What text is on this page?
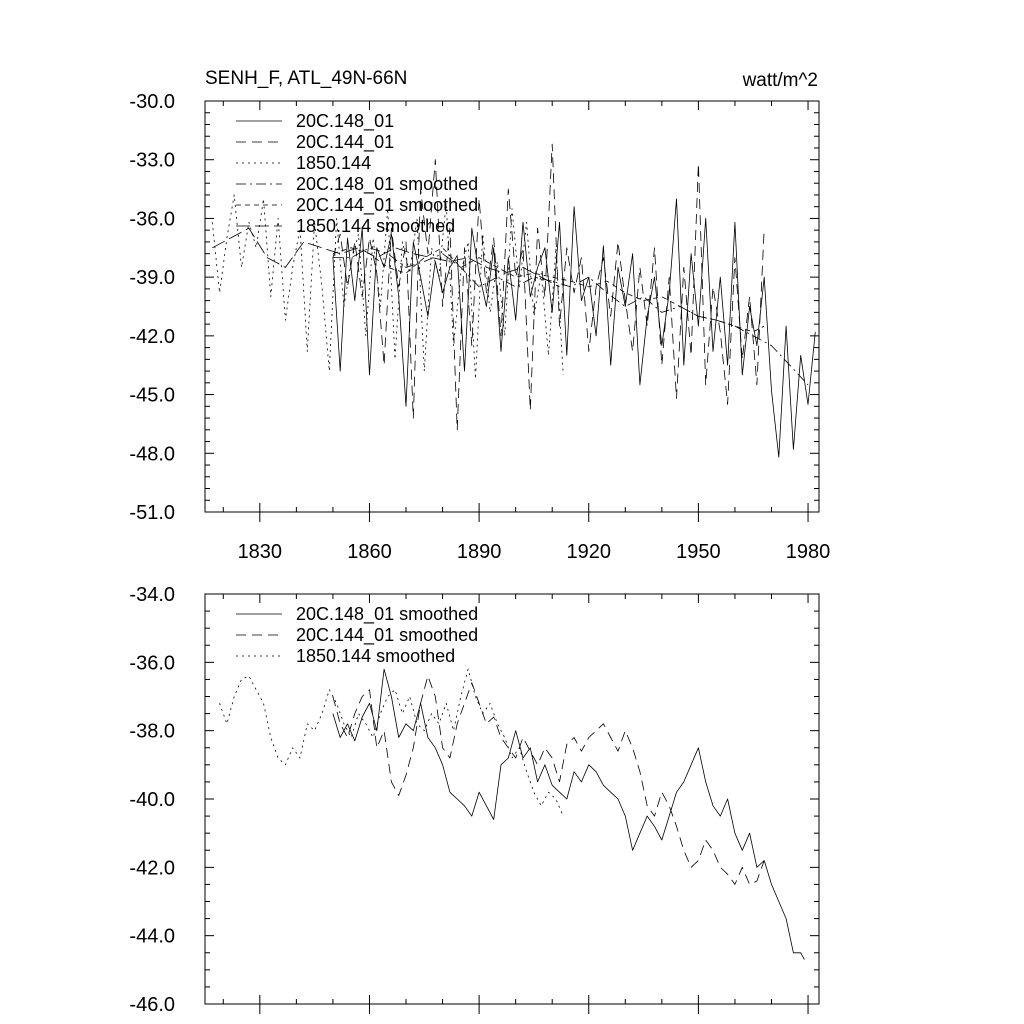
SENH_F, ATL_49N-66N	watt/m^2
-30.0
-33.0
-36.0
-39.0
-42.0
-45.0
-48.0
-51.0
1830	1860	1890	1920	1950	1980
20C.148_01
20C.144_01
1850.144
20C.148_01 smoothed
20C.144_01 smoothed
1850.144 smoothed
-34.0
-36.0
-38.0
-40.0
-42.0
-44.0
-46.0
20C.148_01 smoothed
20C.144_01 smoothed
1850.144 smoothed
